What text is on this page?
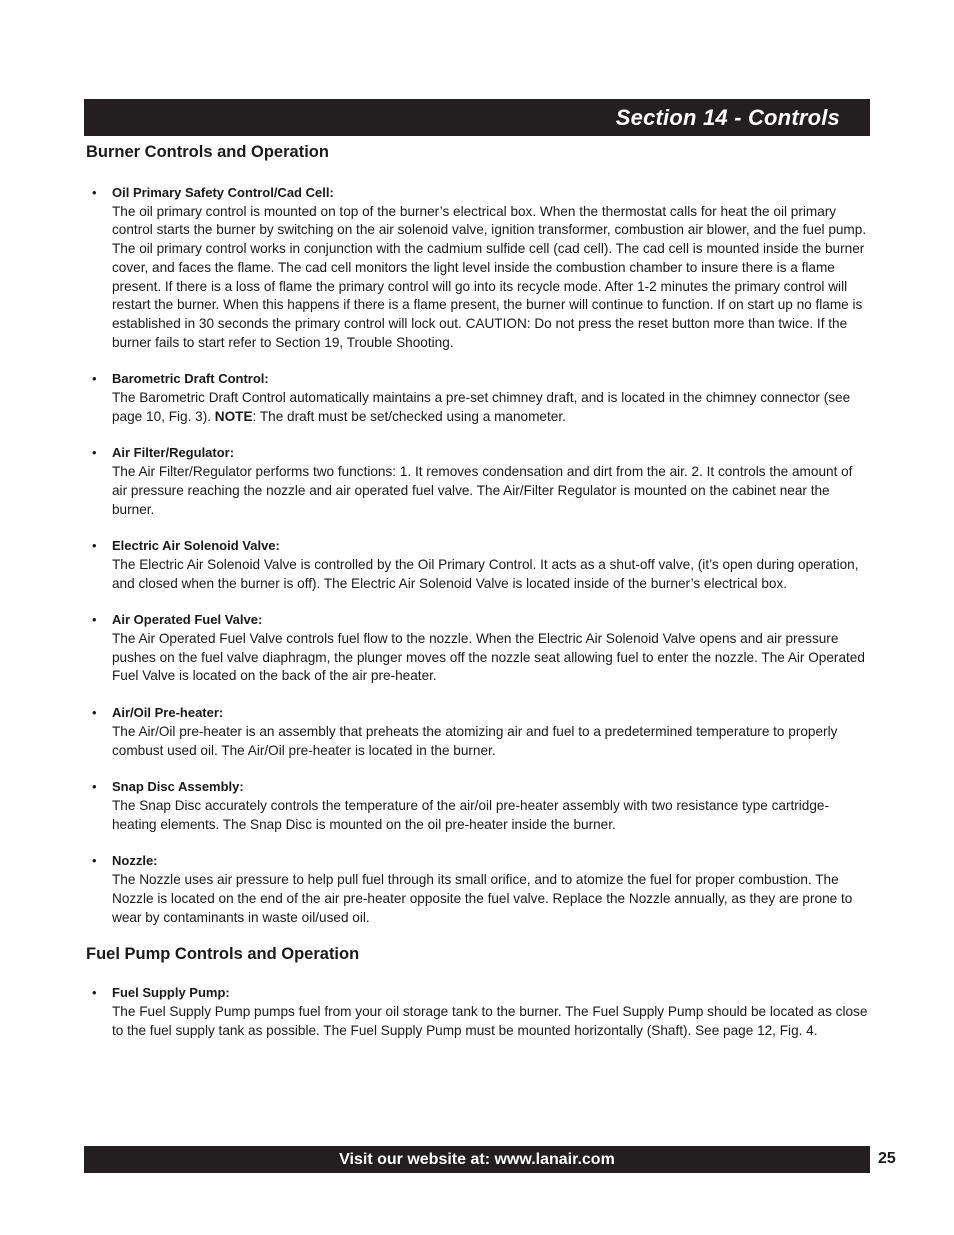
Section 14 - Controls
Burner Controls and Operation
• Oil Primary Safety Control/Cad Cell:
The oil primary control is mounted on top of the burner’s electrical box. When the thermostat calls for heat the oil primary control starts the burner by switching on the air solenoid valve, ignition transformer, combustion air blower, and the fuel pump. The oil primary control works in conjunction with the cadmium sulfide cell (cad cell). The cad cell is mounted inside the burner cover, and faces the flame. The cad cell monitors the light level inside the combustion chamber to insure there is a flame present. If there is a loss of flame the primary control will go into its recycle mode. After 1-2 minutes the primary control will restart the burner. When this happens if there is a flame present, the burner will continue to function. If on start up no flame is established in 30 seconds the primary control will lock out. CAUTION: Do not press the reset button more than twice. If the burner fails to start refer to Section 19, Trouble Shooting.
• Barometric Draft Control:
The Barometric Draft Control automatically maintains a pre-set chimney draft, and is located in the chimney connector (see page 10, Fig. 3). NOTE: The draft must be set/checked using a manometer.
• Air Filter/Regulator:
The Air Filter/Regulator performs two functions: 1. It removes condensation and dirt from the air. 2. It controls the amount of air pressure reaching the nozzle and air operated fuel valve. The Air/Filter Regulator is mounted on the cabinet near the burner.
• Electric Air Solenoid Valve:
The Electric Air Solenoid Valve is controlled by the Oil Primary Control. It acts as a shut-off valve, (it’s open during operation, and closed when the burner is off). The Electric Air Solenoid Valve is located inside of the burner’s electrical box.
• Air Operated Fuel Valve:
The Air Operated Fuel Valve controls fuel flow to the nozzle. When the Electric Air Solenoid Valve opens and air pressure pushes on the fuel valve diaphragm, the plunger moves off the nozzle seat allowing fuel to enter the nozzle. The Air Operated Fuel Valve is located on the back of the air pre-heater.
• Air/Oil Pre-heater:
The Air/Oil pre-heater is an assembly that preheats the atomizing air and fuel to a predetermined temperature to properly combust used oil. The Air/Oil pre-heater is located in the burner.
• Snap Disc Assembly:
The Snap Disc accurately controls the temperature of the air/oil pre-heater assembly with two resistance type cartridge-heating elements. The Snap Disc is mounted on the oil pre-heater inside the burner.
• Nozzle:
The Nozzle uses air pressure to help pull fuel through its small orifice, and to atomize the fuel for proper combustion. The Nozzle is located on the end of the air pre-heater opposite the fuel valve. Replace the Nozzle annually, as they are prone to wear by contaminants in waste oil/used oil.
Fuel Pump Controls and Operation
• Fuel Supply Pump:
The Fuel Supply Pump pumps fuel from your oil storage tank to the burner. The Fuel Supply Pump should be located as close to the fuel supply tank as possible. The Fuel Supply Pump must be mounted horizontally (Shaft). See page 12, Fig. 4.
Visit our website at: www.lanair.com	25
